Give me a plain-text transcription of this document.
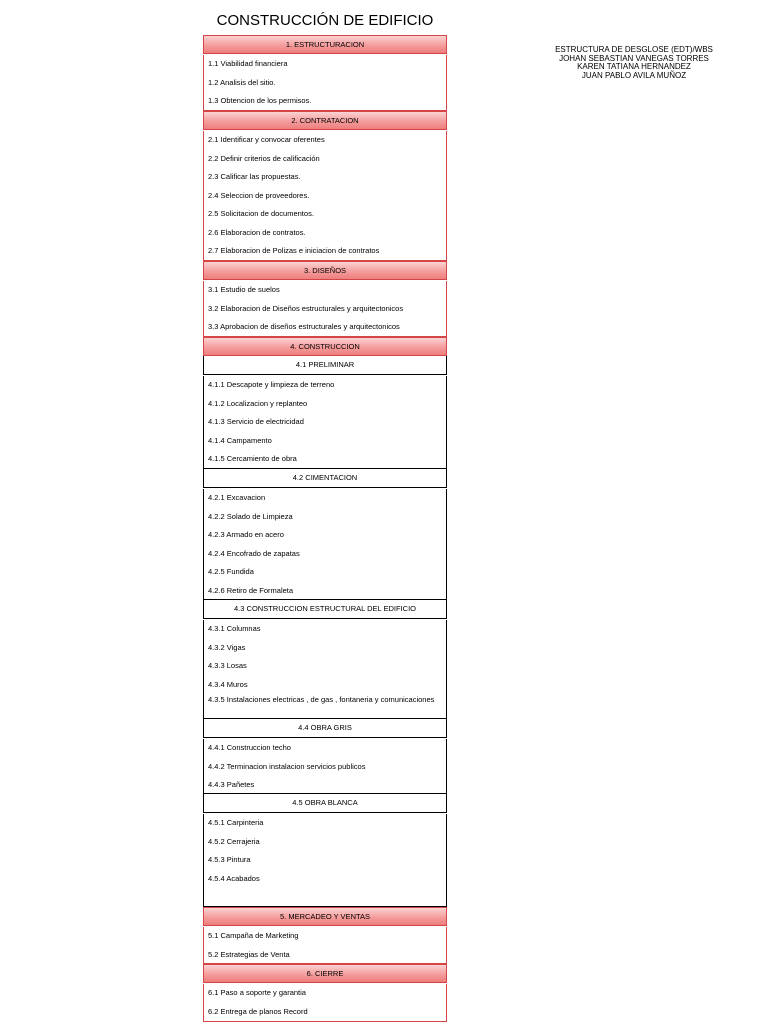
CONSTRUCCIÓN DE EDIFICIO
ESTRUCTURA DE DESGLOSE (EDT)/WBS
JOHAN SEBASTIAN VANEGAS TORRES
KAREN TATIANA HERNANDEZ
JUAN PABLO AVILA MUÑOZ
1. ESTRUCTURACION
1.1 Viabilidad financiera
1.2 Analisis del sitio.
1.3 Obtencion de los permisos.
2. CONTRATACION
2.1 Identificar y convocar oferentes
2.2 Definir criterios de calificación
2.3 Calificar las propuestas.
2.4 Seleccion de proveedores.
2.5 Solicitacion de documentos.
2.6 Elaboracion de contratos.
2.7 Elaboracion de Polizas e iniciacion de contratos
3. DISEÑOS
3.1 Estudio de suelos
3.2 Elaboracion de Diseños estructurales y arquitectonicos
3.3 Aprobacion de diseños estructurales y arquitectonicos
4. CONSTRUCCION
4.1 PRELIMINAR
4.1.1 Descapote y limpieza de terreno
4.1.2 Localizacion y replanteo
4.1.3 Servicio de electricidad
4.1.4 Campamento
4.1.5 Cercamiento de obra
4.2 CIMENTACION
4.2.1 Excavacion
4.2.2 Solado de Limpieza
4.2.3 Armado en acero
4.2.4 Encofrado de zapatas
4.2.5 Fundida
4.2.6 Retiro de Formaleta
4.3 CONSTRUCCION ESTRUCTURAL DEL EDIFICIO
4.3.1 Columnas
4.3.2 Vigas
4.3.3 Losas
4.3.4 Muros
4.3.5 Instalaciones electricas , de gas , fontaneria y comunicaciones
4.4 OBRA GRIS
4.4.1 Construccion techo
4.4.2 Terminacion instalacion servicios publicos
4.4.3 Pañetes
4.5 OBRA BLANCA
4.5.1 Carpinteria
4.5.2 Cerrajeria
4.5.3 Pintura
4.5.4 Acabados
5. MERCADEO Y VENTAS
5.1 Campaña de Marketing
5.2 Estrategias de Venta
6. CIERRE
6.1 Paso a soporte y garantia
6.2 Entrega de planos Record
